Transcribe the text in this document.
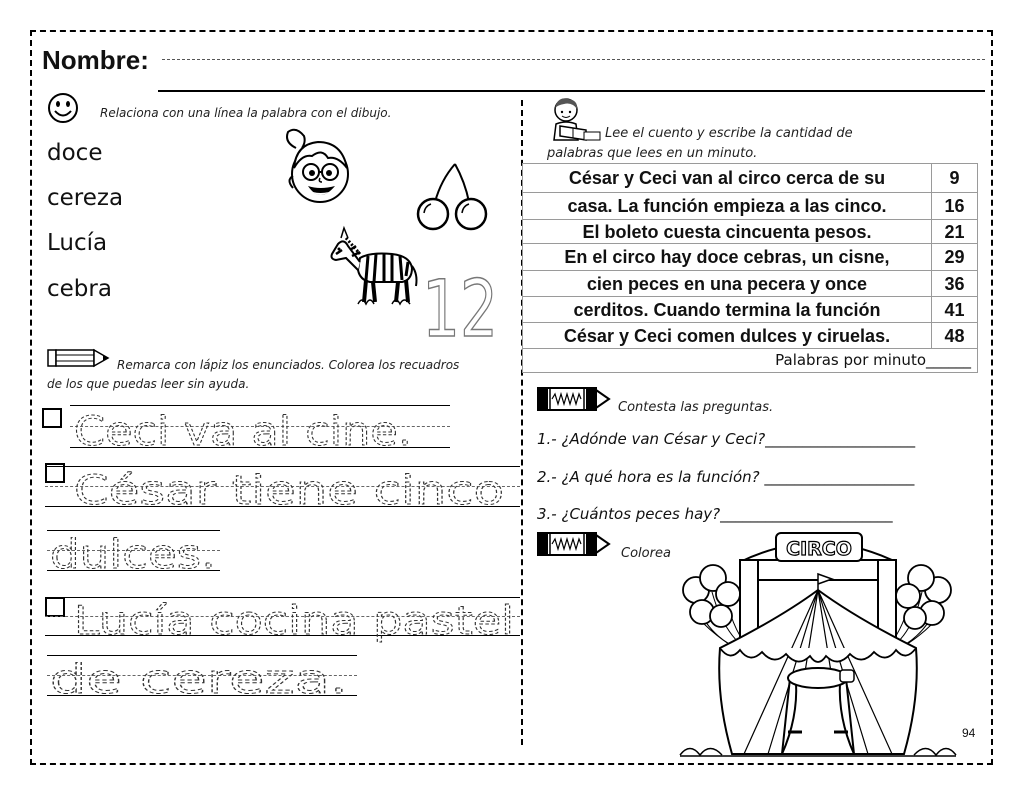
Nombre:
Relaciona con una línea la palabra con el dibujo.
doce
cereza
Lucía
cebra	12
Remarca con lápiz los enunciados. Colorea los recuadros
de los que puedas leer sin ayuda.
Ceci va al cine.
César tiene cinco
dulces.
Lucía cocina pastel
de cereza.
Lee el cuento y escribe la cantidad de
palabras que lees en un minuto.
César y Ceci van al circo cerca de su	9
casa. La función empieza a las cinco.	16
El boleto cuesta cincuenta pesos.	21
En el circo hay doce cebras, un cisne,	29
cien peces en una pecera y once	36
cerditos. Cuando termina la función	41
César y Ceci comen dulces y ciruelas.	48
Palabras por minuto______	
Contesta las preguntas.
1.- ¿Adónde van César y Ceci?____________________
2.- ¿A qué hora es la función? ____________________
3.- ¿Cuántos peces hay?_______________________
Colorea	CIRCO
94
